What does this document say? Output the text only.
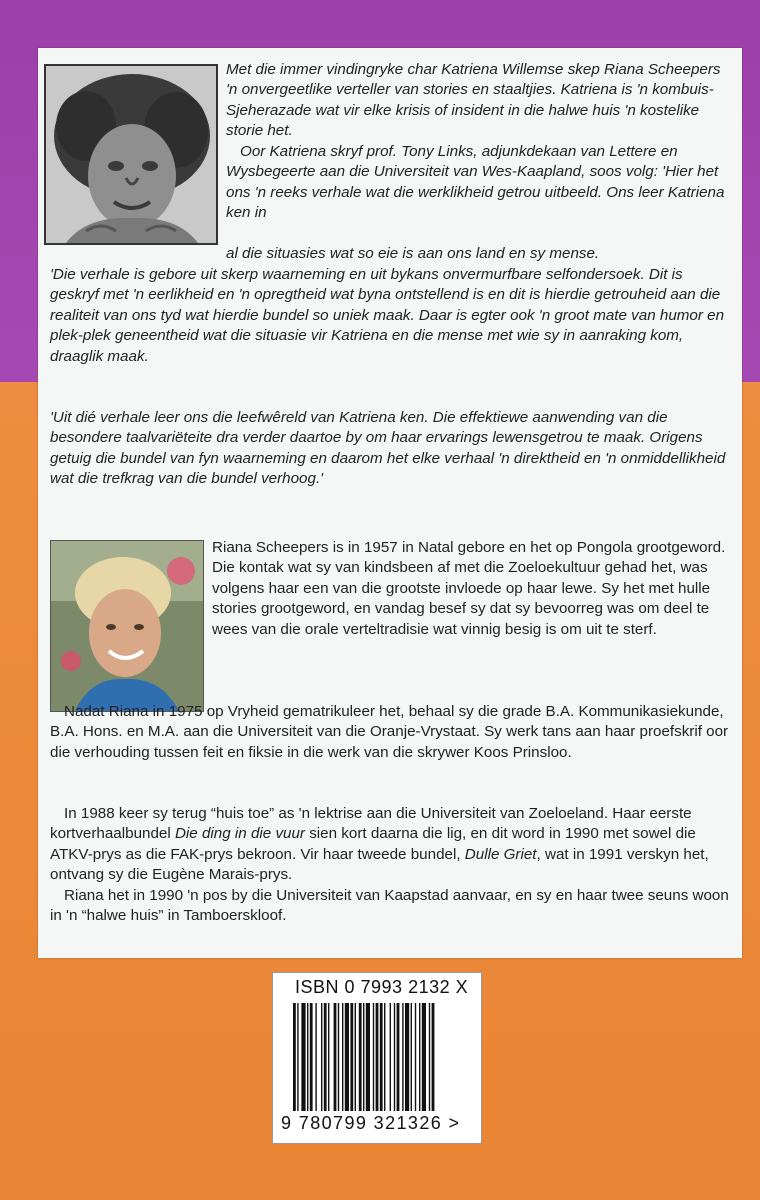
Met die immer vindingryke char Katriena Willemse skep Riana Scheepers 'n onvergeetlike verteller van stories en staaltjies. Katriena is 'n kombuis-Sjeherazade wat vir elke krisis of insident in die halwe huis 'n kostelike storie het.

Oor Katriena skryf prof. Tony Links, adjunkdekaan van Lettere en Wysbegeerte aan die Universiteit van Wes-Kaapland, soos volg: 'Hier het ons 'n reeks verhale wat die werklikheid getrou uitbeeld. Ons leer Katriena ken in

al die situasies wat so eie is aan ons land en sy mense.

'Die verhale is gebore uit skerp waarneming en uit bykans onvermurfbare selfondersoek. Dit is geskryf met 'n eerlikheid en 'n opregtheid wat byna ontstellend is en dit is hierdie getrouheid aan die realiteit van ons tyd wat hierdie bundel so uniek maak. Daar is egter ook 'n groot mate van humor en plek-plek geneentheid wat die situasie vir Katriena en die mense met wie sy in aanraking kom, draaglik maak.

'Uit dié verhale leer ons die leefwêreld van Katriena ken. Die effektiewe aanwending van die besondere taalvariëteite dra verder daartoe by om haar ervarings lewensgetrou te maak. Origens getuig die bundel van fyn waarneming en daarom het elke verhaal 'n direktheid en 'n onmiddellikheid wat die trefkrag van die bundel verhoog.'

Riana Scheepers is in 1957 in Natal gebore en het op Pongola grootgeword. Die kontak wat sy van kindsbeen af met die Zoeloekultuur gehad het, was volgens haar een van die grootste invloede op haar lewe. Sy het met hulle stories grootgeword, en vandag besef sy dat sy bevoorreg was om deel te wees van die orale verteltradisie wat vinnig besig is om uit te sterf.

Nadat Riana in 1975 op Vryheid gematrikuleer het, behaal sy die grade B.A. Kommunikasiekunde, B.A. Hons. en M.A. aan die Universiteit van die Oranje-Vrystaat. Sy werk tans aan haar proefskrif oor die verhouding tussen feit en fiksie in die werk van die skrywer Koos Prinsloo.

In 1988 keer sy terug “huis toe” as 'n lektrise aan die Universiteit van Zoeloeland. Haar eerste kortverhaalbundel Die ding in die vuur sien kort daarna die lig, en dit word in 1990 met sowel die ATKV-prys as die FAK-prys bekroon. Vir haar tweede bundel, Dulle Griet, wat in 1991 verskyn het, ontvang sy die Eugène Marais-prys.

Riana het in 1990 'n pos by die Universiteit van Kaapstad aanvaar, en sy en haar twee seuns woon in 'n “halwe huis” in Tamboerskloof.

ISBN 0 7993 2132 X
9 780799 321326 >
